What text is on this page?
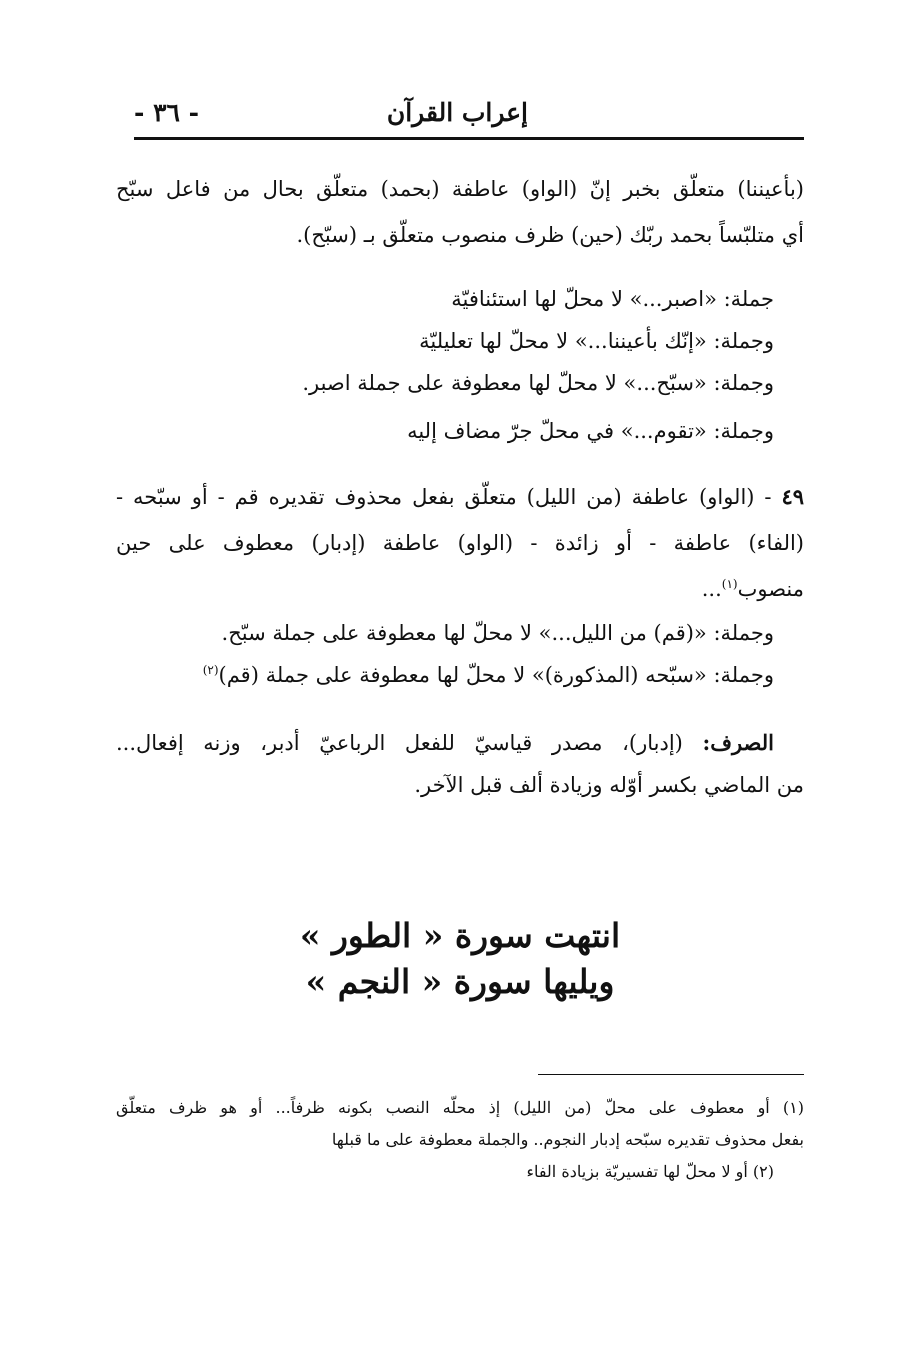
إعراب القرآن
- ٣٦ -
(بأعيننا) متعلّق بخبر إنّ (الواو) عاطفة (بحمد) متعلّق بحال من فاعل سبّح
أي متلبّساً بحمد ربّك (حين) ظرف منصوب متعلّق بـ (سبّح).
جملة: «اصبر...» لا محلّ لها استئنافيّة
وجملة: «إنّك بأعيننا...» لا محلّ لها تعليليّة
وجملة: «سبّح...» لا محلّ لها معطوفة على جملة اصبر.
وجملة: «تقوم...» في محلّ جرّ مضاف إليه
٤٩ - (الواو) عاطفة (من الليل) متعلّق بفعل محذوف تقديره قم - أو سبّحه -
(الفاء) عاطفة - أو زائدة - (الواو) عاطفة (إدبار) معطوف على حين
منصوب$^{(١)}$...
وجملة: «(قم) من الليل...» لا محلّ لها معطوفة على جملة سبّح.
وجملة: «سبّحه (المذكورة)» لا محلّ لها معطوفة على جملة (قم)$^{(٢)}$
الصرف: (إدبار)، مصدر قياسيّ للفعل الرباعيّ أدبر، وزنه إفعال...
من الماضي بكسر أوّله وزيادة ألف قبل الآخر.
انتهت سورة « الطور »
ويليها سورة « النجم »
(١) أو معطوف على محلّ (من الليل) إذ محلّه النصب بكونه ظرفاً... أو هو ظرف متعلّق
بفعل محذوف تقديره سبّحه إدبار النجوم.. والجملة معطوفة على ما قبلها
(٢) أو لا محلّ لها تفسيريّة بزيادة الفاء
